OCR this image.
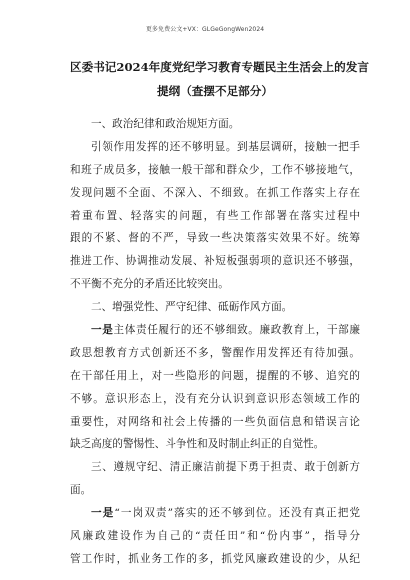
更多免费公文+VX：GLGeGongWen2024
区委书记2024年度党纪学习教育专题民主生活会上的发言
提纲（查摆不足部分）
一、政治纪律和政治规矩方面。
引领作用发挥的还不够明显。到基层调研，接触一把手
和班子成员多，接触一般干部和群众少，工作不够接地气，
发现问题不全面、不深入、不细致。在抓工作落实上存在
着重布置、轻落实的问题，有些工作部署在落实过程中
跟的不紧、督的不严，导致一些决策落实效果不好。统筹
推进工作、协调推动发展、补短板强弱项的意识还不够强，
不平衡不充分的矛盾还比较突出。
二、增强党性、严守纪律、砥砺作风方面。
一是主体责任履行的还不够细致。廉政教育上，干部廉
政思想教育方式创新还不多，警醒作用发挥还有待加强。
在干部任用上，对一些隐形的问题，提醒的不够、追究的
不够。意识形态上，没有充分认识到意识形态领域工作的
重要性，对网络和社会上传播的一些负面信息和错误言论
缺乏高度的警惕性、斗争性和及时制止纠正的自觉性。
三、遵规守纪、清正廉洁前提下勇于担责、敢于创新方
面。
一是“一岗双责”落实的还不够到位。还没有真正把党
风廉政建设作为自己的“责任田”和“份内事”，指导分
管工作时，抓业务工作的多，抓党风廉政建设的少，从纪
